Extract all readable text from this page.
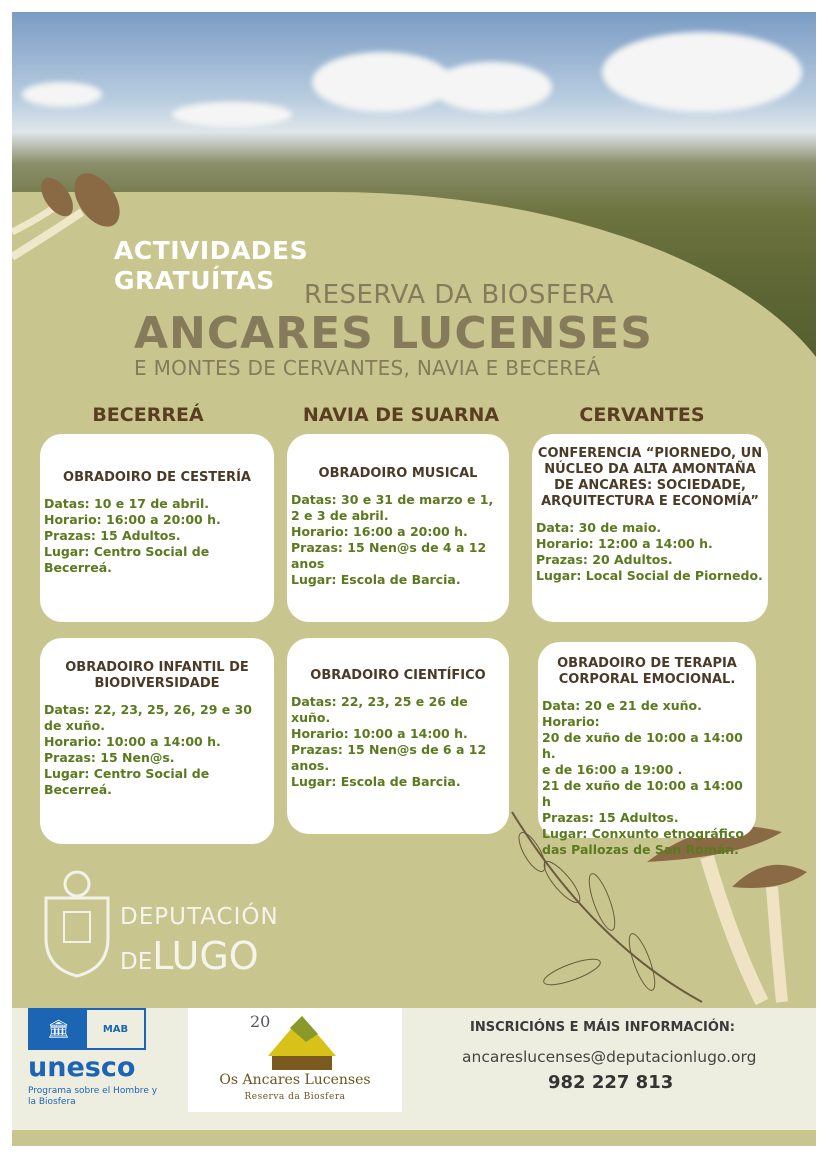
ACTIVIDADES
GRATUÍTAS	RESERVA DA BIOSFERA
ANCARES LUCENSES
E MONTES DE CERVANTES, NAVIA E BECEREÁ
BECERREÁ	NAVIA DE SUARNA	CERVANTES
OBRADOIRO DE CESTERÍA

Datas: 10 e 17 de abril.

Horario: 16:00 a 20:00 h.

Prazas: 15 Adultos.

Lugar: Centro Social de Becerreá.

OBRADOIRO MUSICAL

Datas: 30 e 31 de marzo e 1, 2 e 3 de abril.

Horario: 16:00 a 20:00 h.

Prazas: 15 Nen@s de 4 a 12 anos

Lugar: Escola de Barcia.

CONFERENCIA “PIORNEDO, UN NÚCLEO DA ALTA AMONTAÑA DE ANCARES: SOCIEDADE, ARQUITECTURA E ECONOMÍA”

Data: 30 de maio.

Horario: 12:00 a 14:00 h.

Prazas: 20 Adultos.

Lugar: Local Social de Piornedo.

OBRADOIRO INFANTIL DE BIODIVERSIDADE

Datas: 22, 23, 25, 26, 29 e 30 de xuño.

Horario: 10:00 a 14:00 h.

Prazas: 15 Nen@s.

Lugar: Centro Social de Becerreá.

OBRADOIRO CIENTÍFICO

Datas: 22, 23, 25 e 26 de xuño.

Horario: 10:00 a 14:00 h.

Prazas: 15 Nen@s de 6 a 12 anos.

Lugar: Escola de Barcia.

OBRADOIRO DE TERAPIA CORPORAL EMOCIONAL.

Data: 20 e 21 de xuño.

Horario:

20 de xuño de 10:00 a 14:00 h.

e de 16:00 a 19:00 .

21 de xuño de 10:00 a 14:00 h

Prazas: 15 Adultos.

Lugar: Conxunto etnográfico das Pallozas de San Román.

DEPUTACIÓN
DELUGO
🏛	MAB
unesco
Programa sobre el Hombre y la Biosfera
20
Os Ancares Lucenses
Reserva da Biosfera
INSCRICIÓNS E MÁIS INFORMACIÓN:
ancareslucenses@deputacionlugo.org
982 227 813
